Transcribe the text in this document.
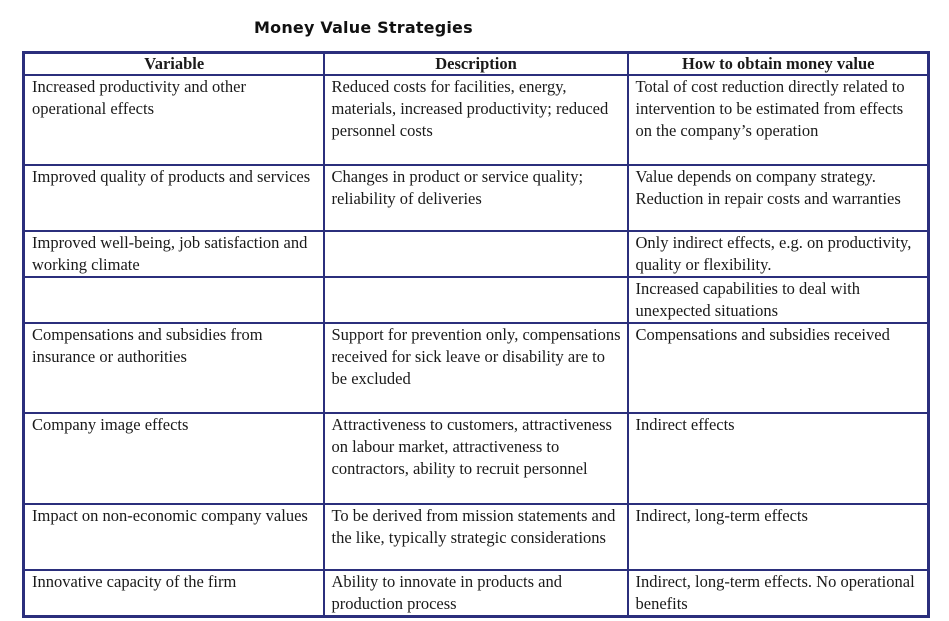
Money Value Strategies
Variable	Description	How to obtain money value
Increased productivity and other operational effects	Reduced costs for facilities, energy, materials, increased productivity; reduced personnel costs	Total of cost reduction directly related to intervention to be estimated from effects on the company’s operation
Improved quality of products and services	Changes in product or service quality; reliability of deliveries	Value depends on company strategy. Reduction in repair costs and warranties
Improved well-being, job satisfaction and working climate		Only indirect effects, e.g. on productivity, quality or flexibility.
		Increased capabilities to deal with unexpected situations
Compensations and subsidies from insurance or authorities	Support for prevention only, compensations received for sick leave or disability are to be excluded	Compensations and subsidies received
Company image effects	Attractiveness to customers, attractiveness on labour market, attractiveness to contractors, ability to recruit personnel	Indirect effects
Impact on non-economic company values	To be derived from mission statements and the like, typically strategic considerations	Indirect, long-term effects
Innovative capacity of the firm	Ability to innovate in products and production process	Indirect, long-term effects. No operational benefits
